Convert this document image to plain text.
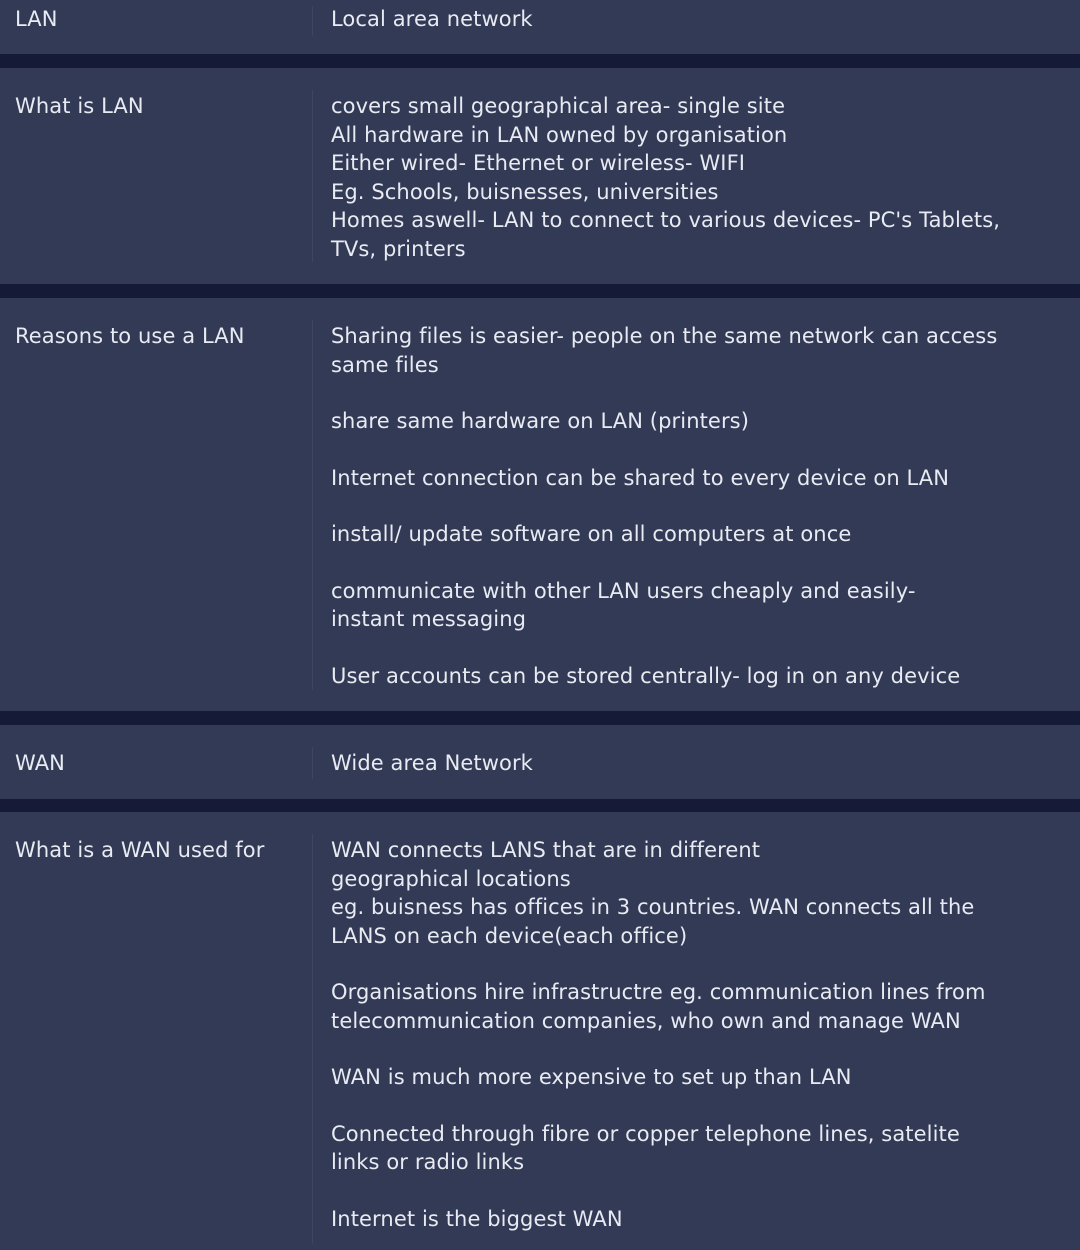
LAN	Local area network
What is LAN	covers small geographical area- single site
All hardware in LAN owned by organisation
Either wired- Ethernet or wireless- WIFI
Eg. Schools, buisnesses, universities
Homes aswell- LAN to connect to various devices- PC's Tablets,
TVs, printers
Reasons to use a LAN	Sharing files is easier- people on the same network can access
same files
share same hardware on LAN (printers)
Internet connection can be shared to every device on LAN
install/ update software on all computers at once
communicate with other LAN users cheaply and easily-
instant messaging
User accounts can be stored centrally- log in on any device
WAN	Wide area Network
What is a WAN used for	WAN connects LANS that are in different
geographical locations
eg. buisness has offices in 3 countries. WAN connects all the
LANS on each device(each office)
Organisations hire infrastructre eg. communication lines from
telecommunication companies, who own and manage WAN
WAN is much more expensive to set up than LAN
Connected through fibre or copper telephone lines, satelite
links or radio links
Internet is the biggest WAN
